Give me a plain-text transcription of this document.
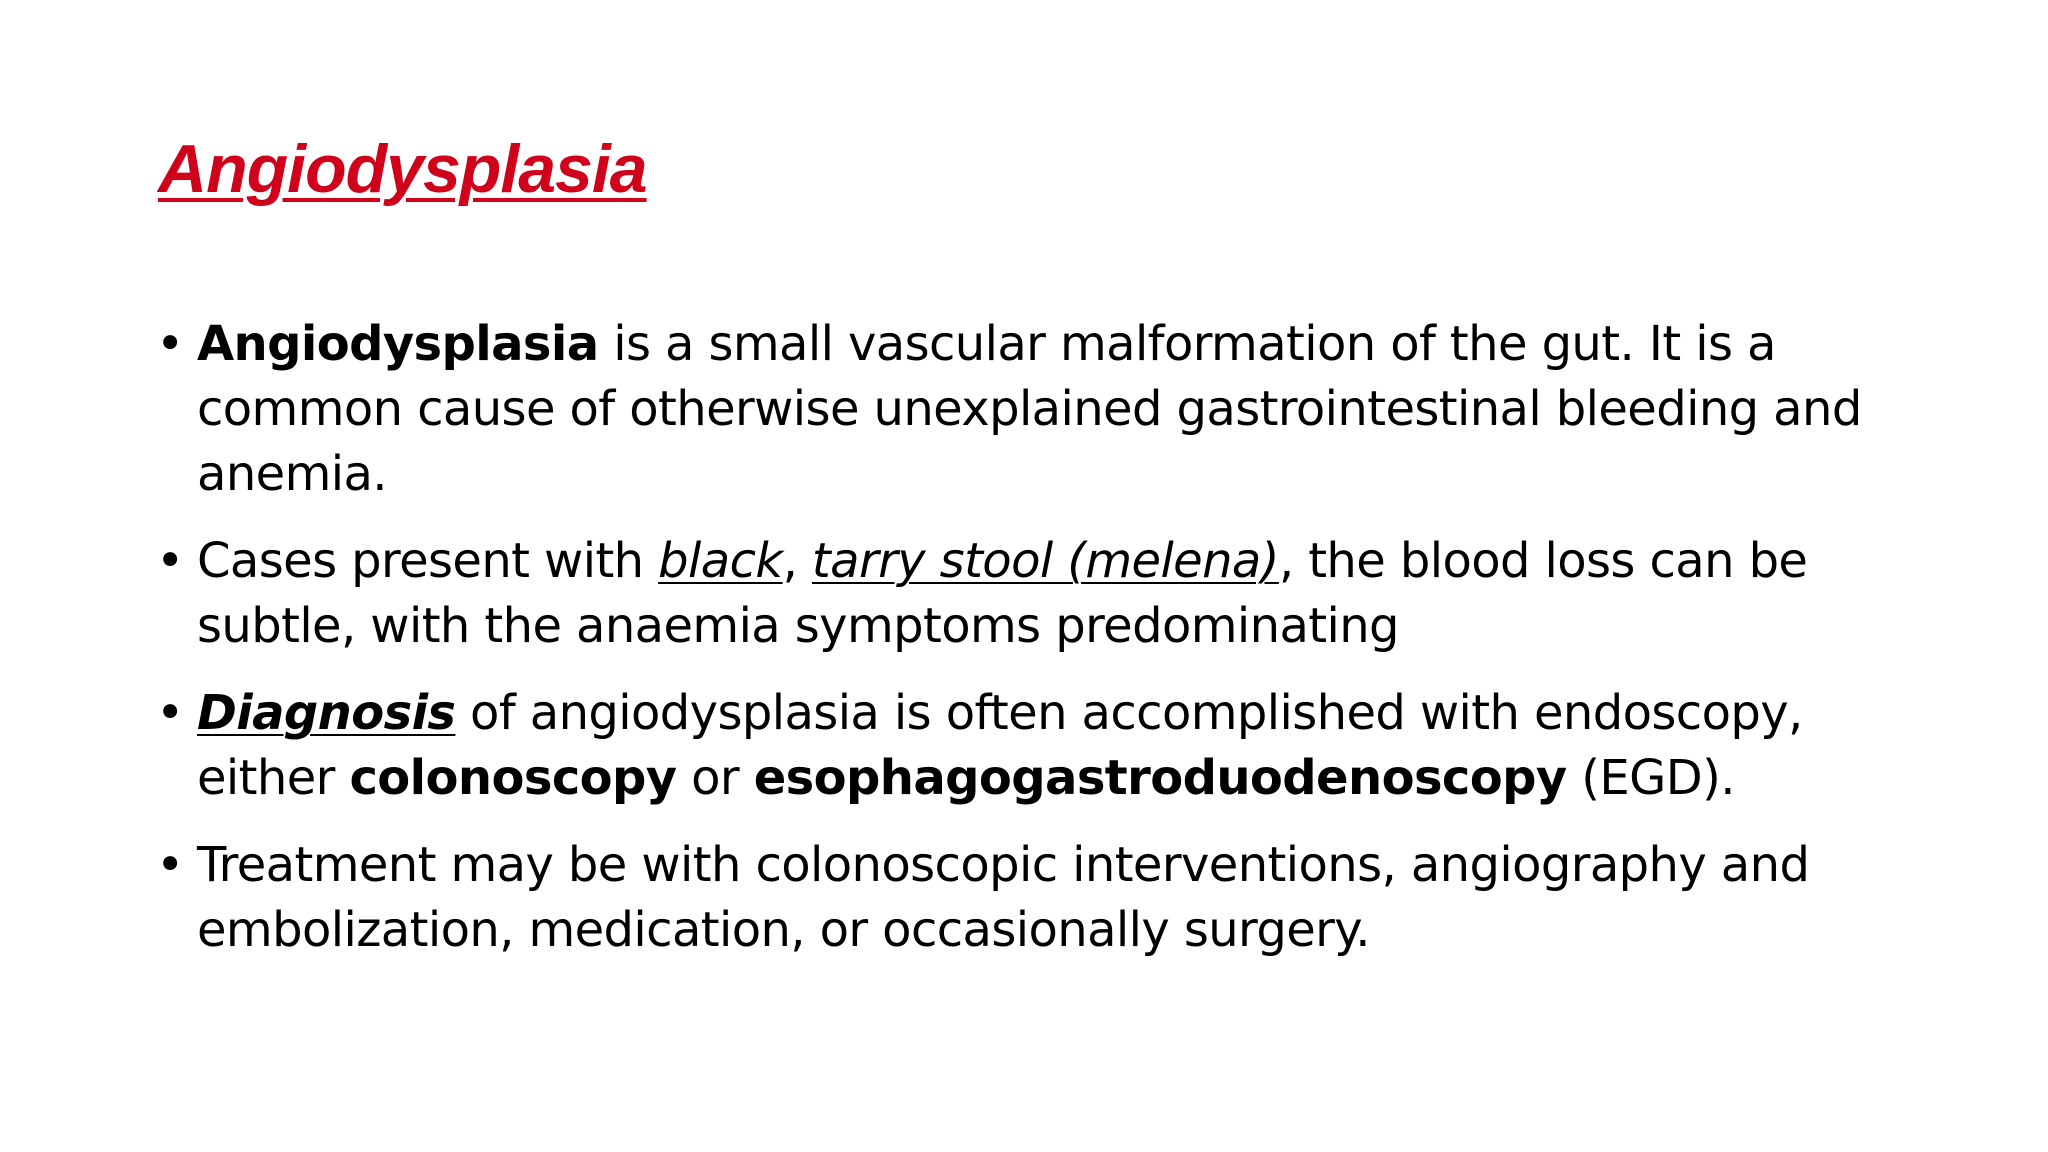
Angiodysplasia
• Angiodysplasia is a small vascular malformation of the gut. It is a common cause of otherwise unexplained gastrointestinal bleeding and anemia.
• Cases present with black, tarry stool (melena), the blood loss can be subtle, with the anaemia symptoms predominating
• Diagnosis of angiodysplasia is often accomplished with endoscopy, either colonoscopy or esophagogastroduodenoscopy (EGD).
• Treatment may be with colonoscopic interventions, angiography and embolization, medication, or occasionally surgery.
